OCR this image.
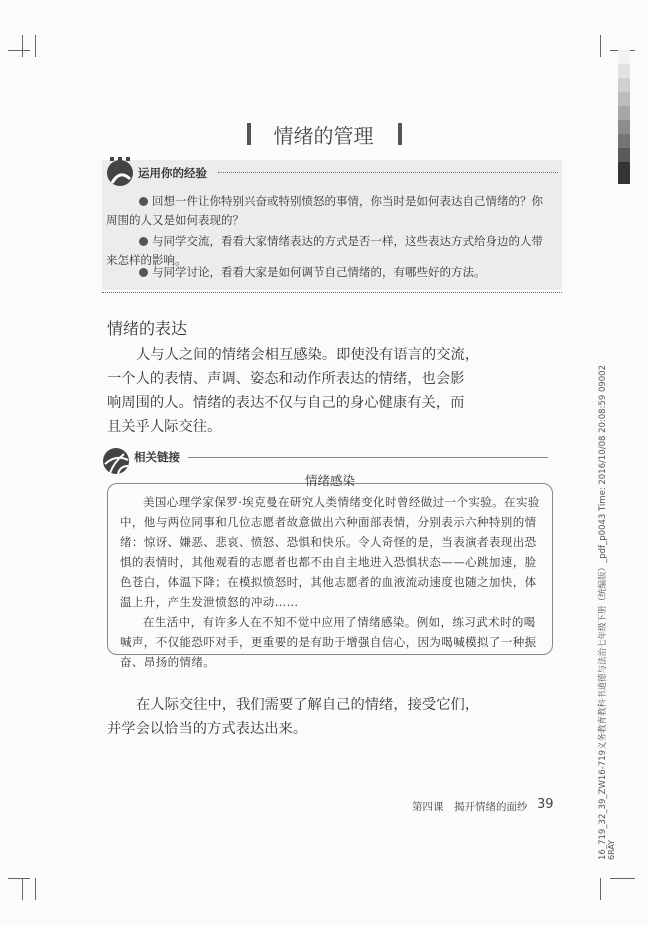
情绪的管理
运用你的经验
回想一件让你特别兴奋或特别愤怒的事情，你当时是如何表达自己情绪的？你
周围的人又是如何表现的？
与同学交流，看看大家情绪表达的方式是否一样，这些表达方式给身边的人带
来怎样的影响。
与同学讨论，看看大家是如何调节自己情绪的，有哪些好的方法。
情绪的表达
人与人之间的情绪会相互感染。即使没有语言的交流，
一个人的表情、声调、姿态和动作所表达的情绪，也会影
响周围的人。情绪的表达不仅与自己的身心健康有关，而
且关乎人际交往。
相关链接
情绪感染
美国心理学家保罗·埃克曼在研究人类情绪变化时曾经做过一个实验。在实验
中，他与两位同事和几位志愿者故意做出六种面部表情，分别表示六种特别的情
绪：惊讶、嫌恶、悲哀、愤怒、恐惧和快乐。令人奇怪的是，当表演者表现出恐
惧的表情时，其他观看的志愿者也都不由自主地进入恐惧状态——心跳加速，脸
色苍白，体温下降；在模拟愤怒时，其他志愿者的血液流动速度也随之加快，体
温上升，产生发泄愤怒的冲动……
在生活中，有许多人在不知不觉中应用了情绪感染。例如，练习武术时的喝
喊声，不仅能恐吓对手，更重要的是有助于增强自信心，因为喝喊模拟了一种振
奋、昂扬的情绪。
在人际交往中，我们需要了解自己的情绪，接受它们，
并学会以恰当的方式表达出来。
第四课　揭开情绪的面纱 39	16_719_32_39_ZW16-719义务教育教科书道德与法治七年级下册（统编版）_pdf_p0043 Time: 2016/10/08 20:08:59 09002 6RAY
